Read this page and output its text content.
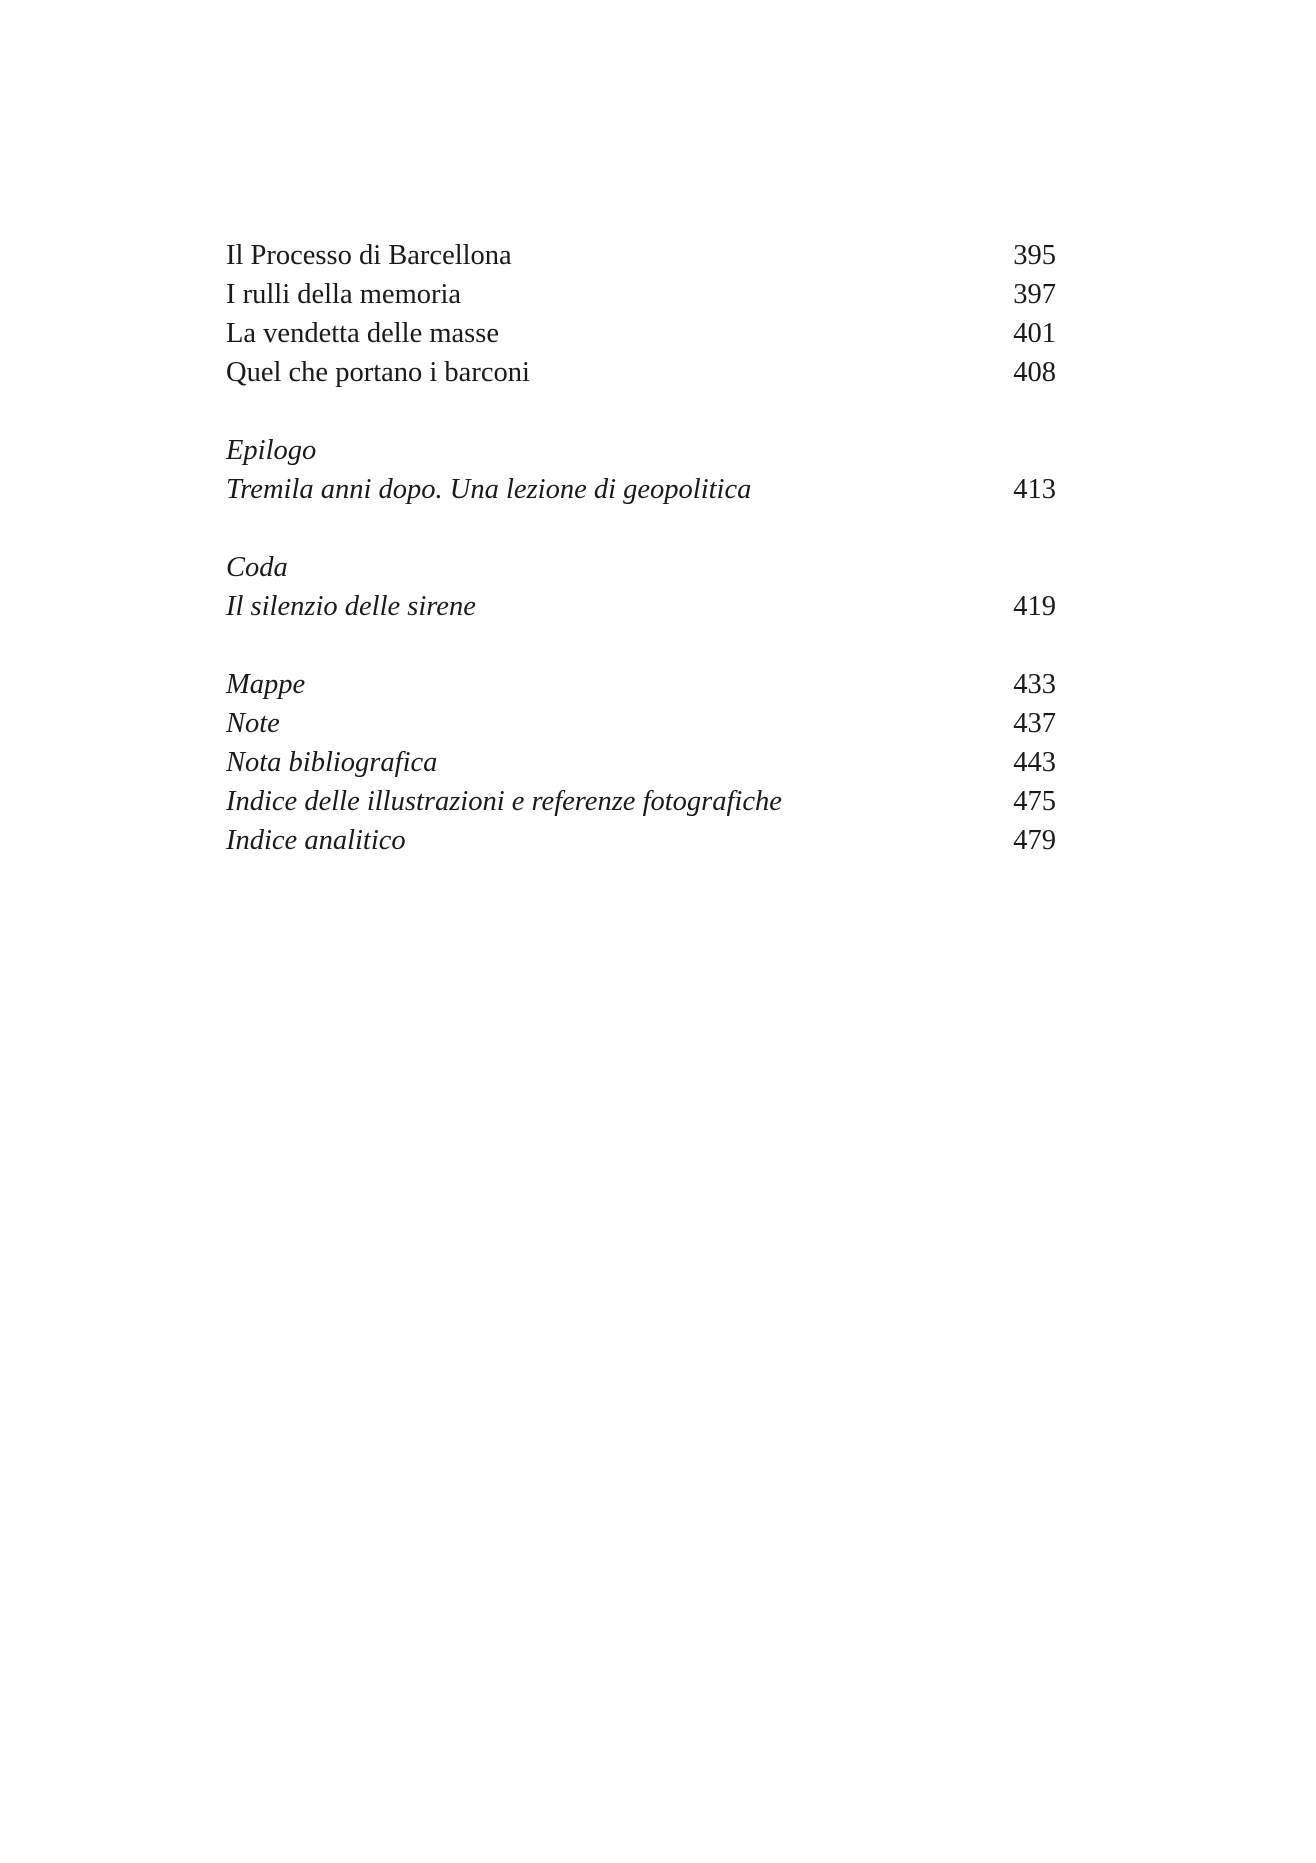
Il Processo di Barcellona	395
I rulli della memoria	397
La vendetta delle masse	401
Quel che portano i barconi	408
Epilogo
Tremila anni dopo. Una lezione di geopolitica	413
Coda
Il silenzio delle sirene	419
Mappe	433
Note	437
Nota bibliografica	443
Indice delle illustrazioni e referenze fotografiche	475
Indice analitico	479
